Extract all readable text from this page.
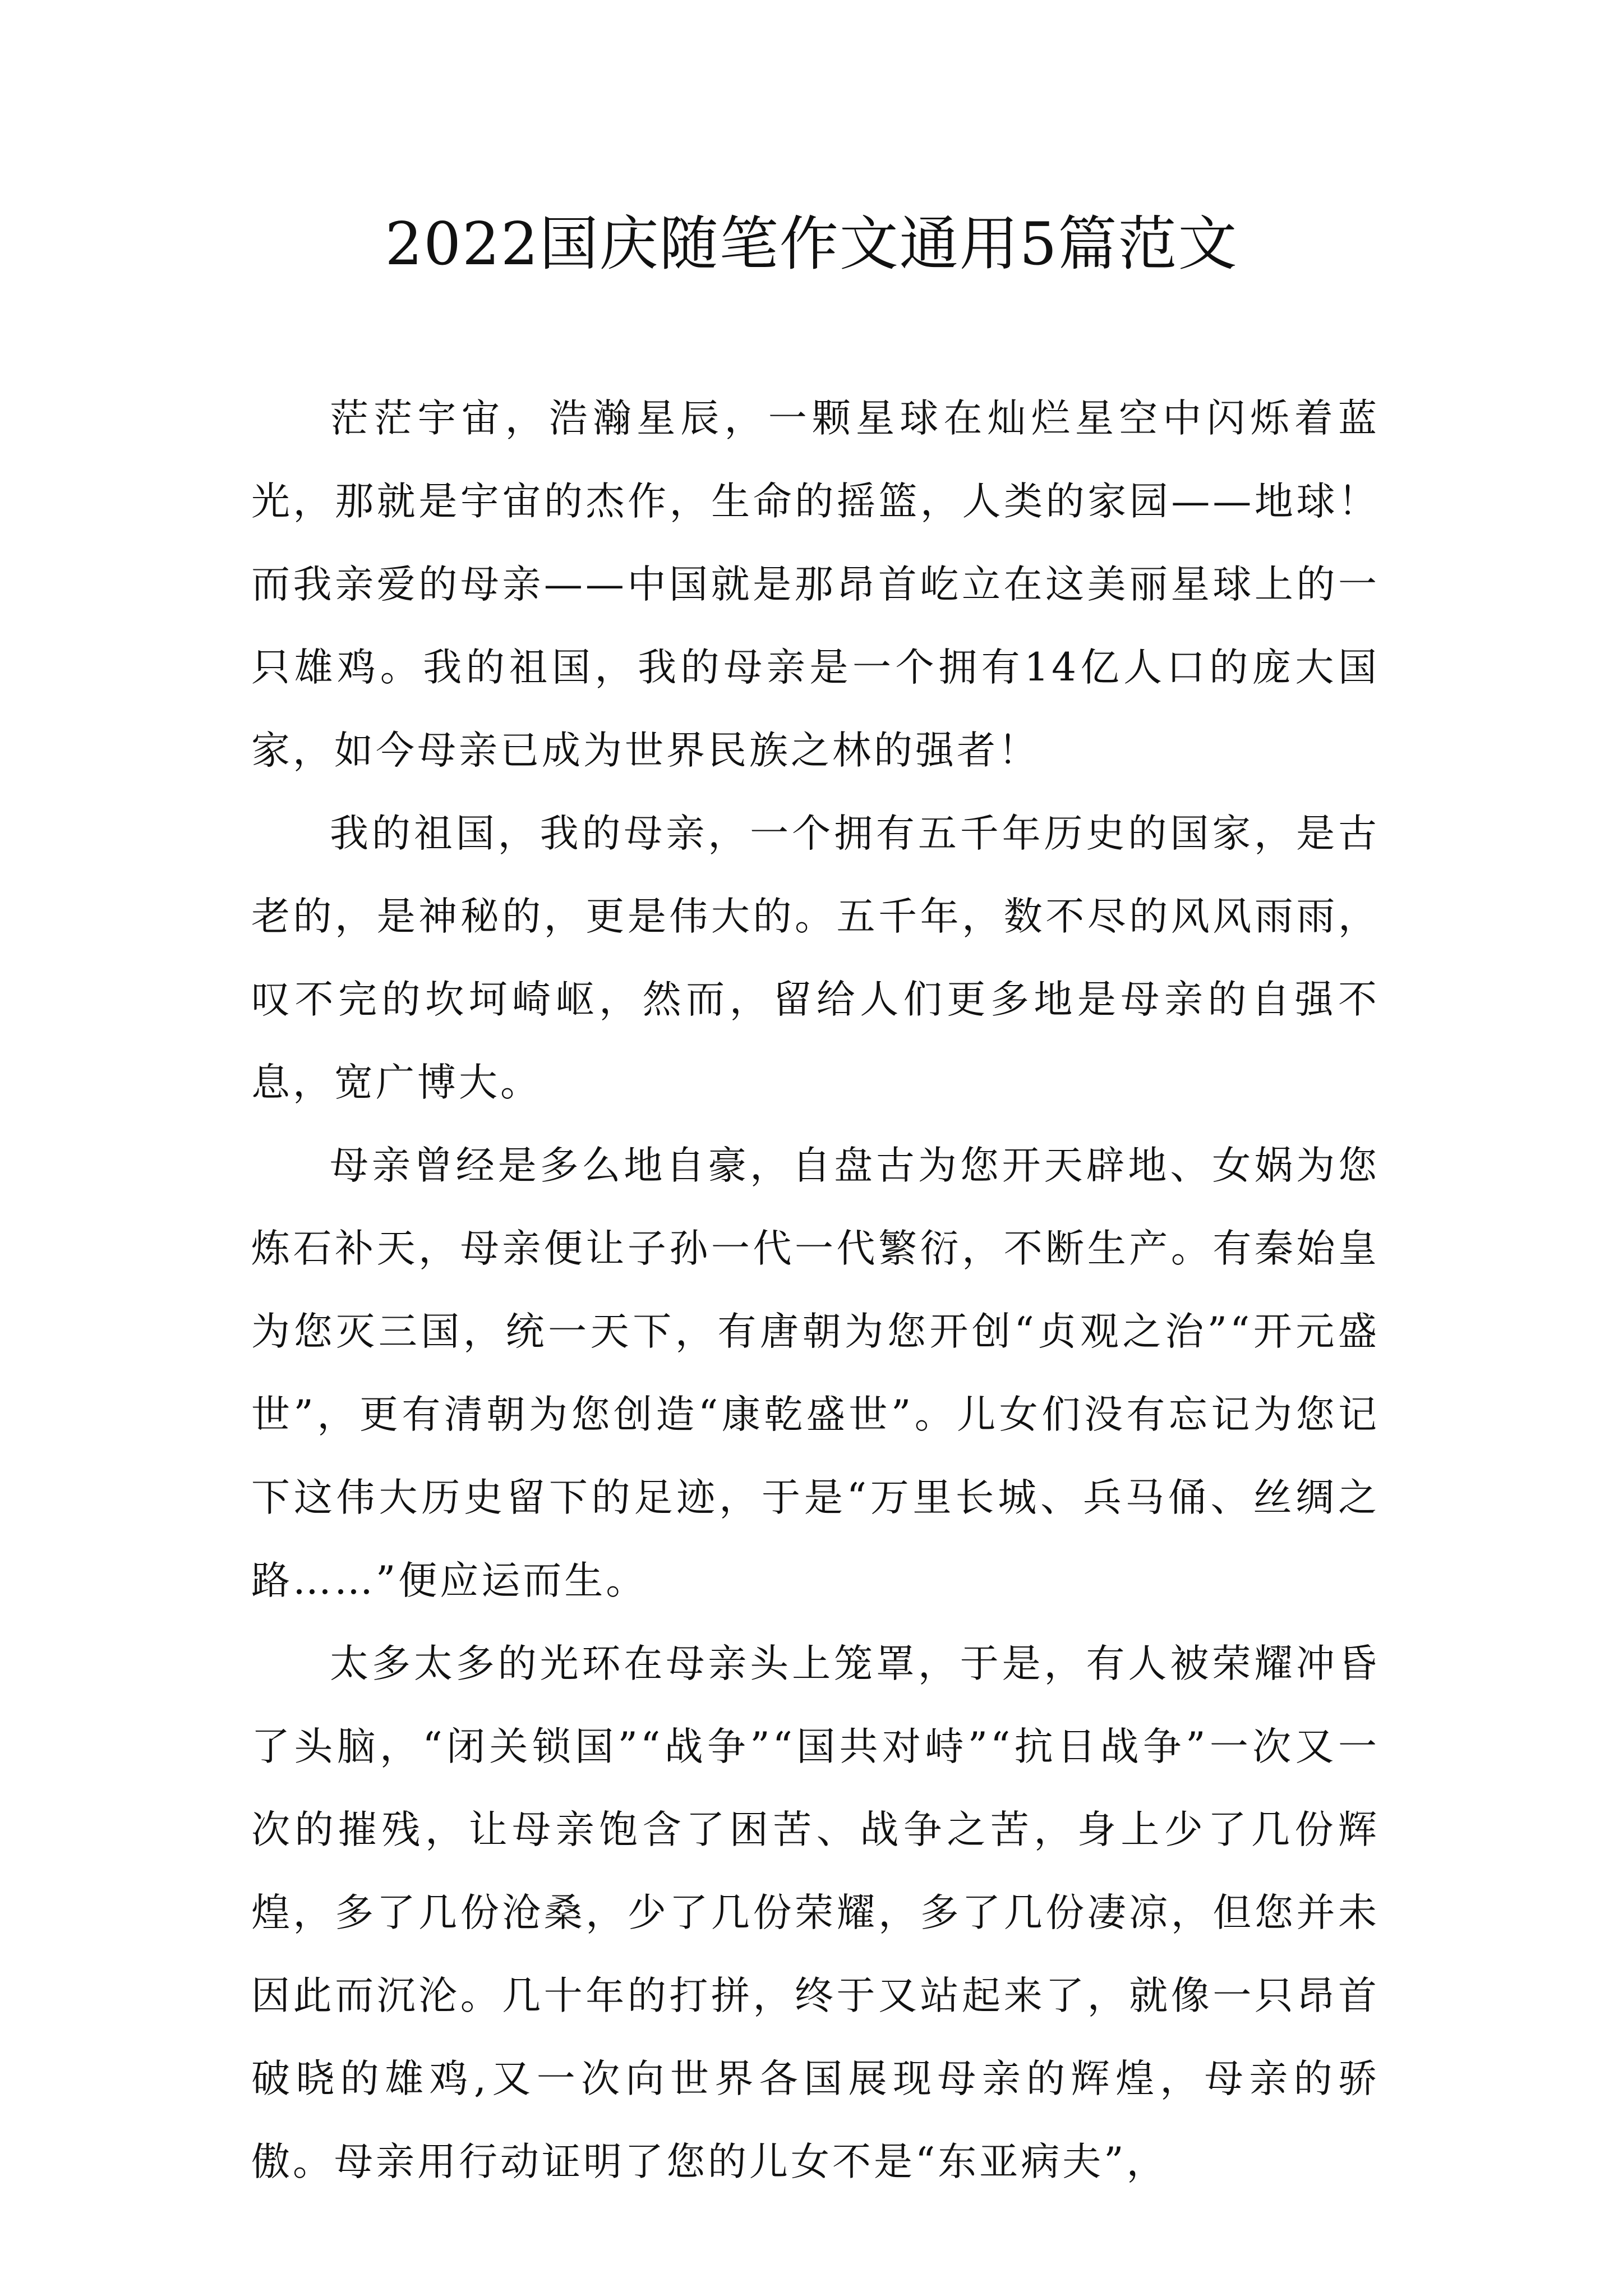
2022国庆随笔作文通用5篇范文

茫茫宇宙，浩瀚星辰，一颗星球在灿烂星空中闪烁着蓝光，那就是宇宙的杰作，生命的摇篮，人类的家园——地球！而我亲爱的母亲——中国就是那昂首屹立在这美丽星球上的一只雄鸡。我的祖国，我的母亲是一个拥有14亿人口的庞大国家，如今母亲已成为世界民族之林的强者！

我的祖国，我的母亲，一个拥有五千年历史的国家，是古老的，是神秘的，更是伟大的。五千年，数不尽的风风雨雨，叹不完的坎坷崎岖，然而，留给人们更多地是母亲的自强不息，宽广博大。

母亲曾经是多么地自豪，自盘古为您开天辟地、女娲为您炼石补天，母亲便让子孙一代一代繁衍，不断生产。有秦始皇为您灭三国，统一天下，有唐朝为您开创“贞观之治”“开元盛世”，更有清朝为您创造“康乾盛世”。儿女们没有忘记为您记下这伟大历史留下的足迹，于是“万里长城、兵马俑、丝绸之路……”便应运而生。

太多太多的光环在母亲头上笼罩，于是，有人被荣耀冲昏了头脑，“闭关锁国”“战争”“国共对峙”“抗日战争”一次又一次的摧残，让母亲饱含了困苦、战争之苦，身上少了几份辉煌，多了几份沧桑，少了几份荣耀，多了几份凄凉，但您并未因此而沉沦。几十年的打拼，终于又站起来了，就像一只昂首破晓的雄鸡,又一次向世界各国展现母亲的辉煌，母亲的骄傲。母亲用行动证明了您的儿女不是“东亚病夫”，
